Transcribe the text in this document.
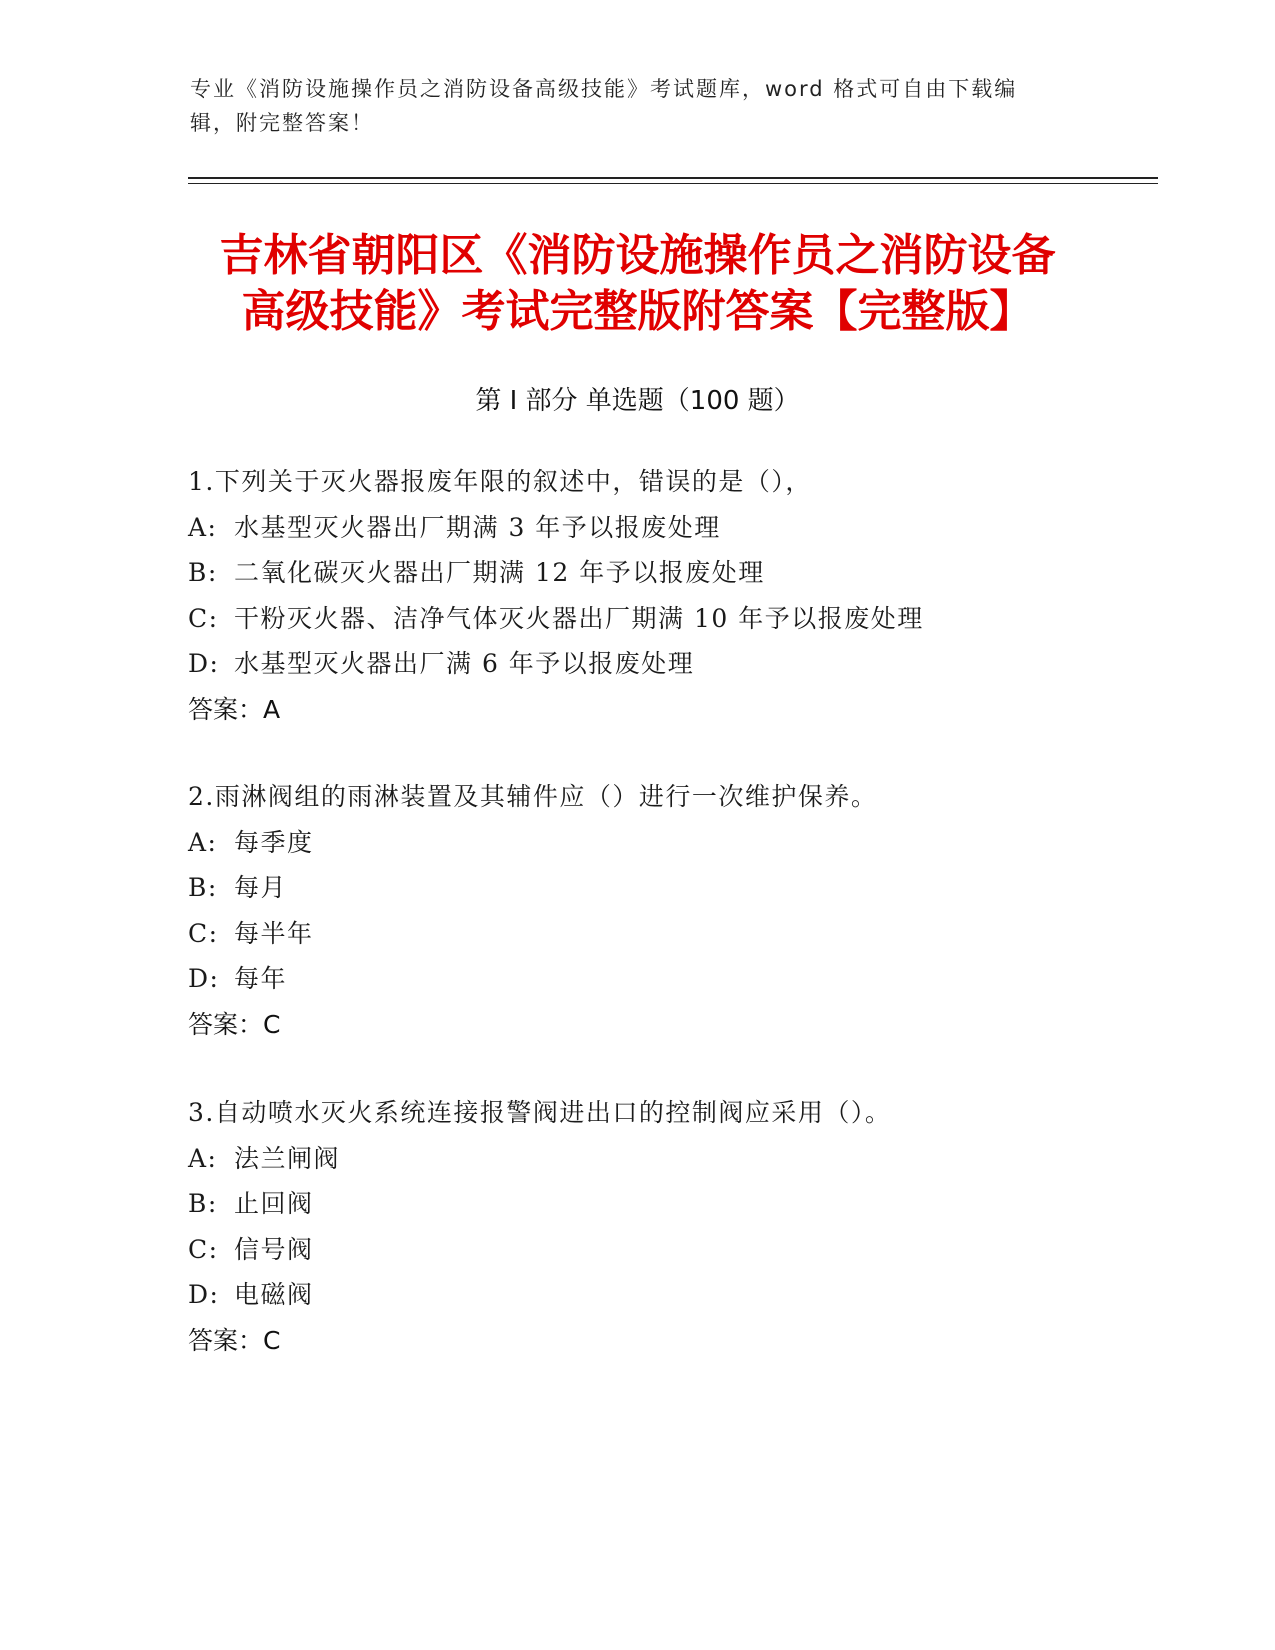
专业《消防设施操作员之消防设备高级技能》考试题库，word 格式可自由下载编
辑，附完整答案！
吉林省朝阳区《消防设施操作员之消防设备
高级技能》考试完整版附答案【完整版】
第 I 部分 单选题（100 题）
1.下列关于灭火器报废年限的叙述中，错误的是（），
A: 水基型灭火器出厂期满 3 年予以报废处理
B: 二氧化碳灭火器出厂期满 12 年予以报废处理
C: 干粉灭火器、洁净气体灭火器出厂期满 10 年予以报废处理
D: 水基型灭火器出厂满 6 年予以报废处理
答案：A
2.雨淋阀组的雨淋装置及其辅件应（）进行一次维护保养。
A: 每季度
B: 每月
C: 每半年
D: 每年
答案：C
3.自动喷水灭火系统连接报警阀进出口的控制阀应采用（）。
A: 法兰闸阀
B: 止回阀
C: 信号阀
D: 电磁阀
答案：C
